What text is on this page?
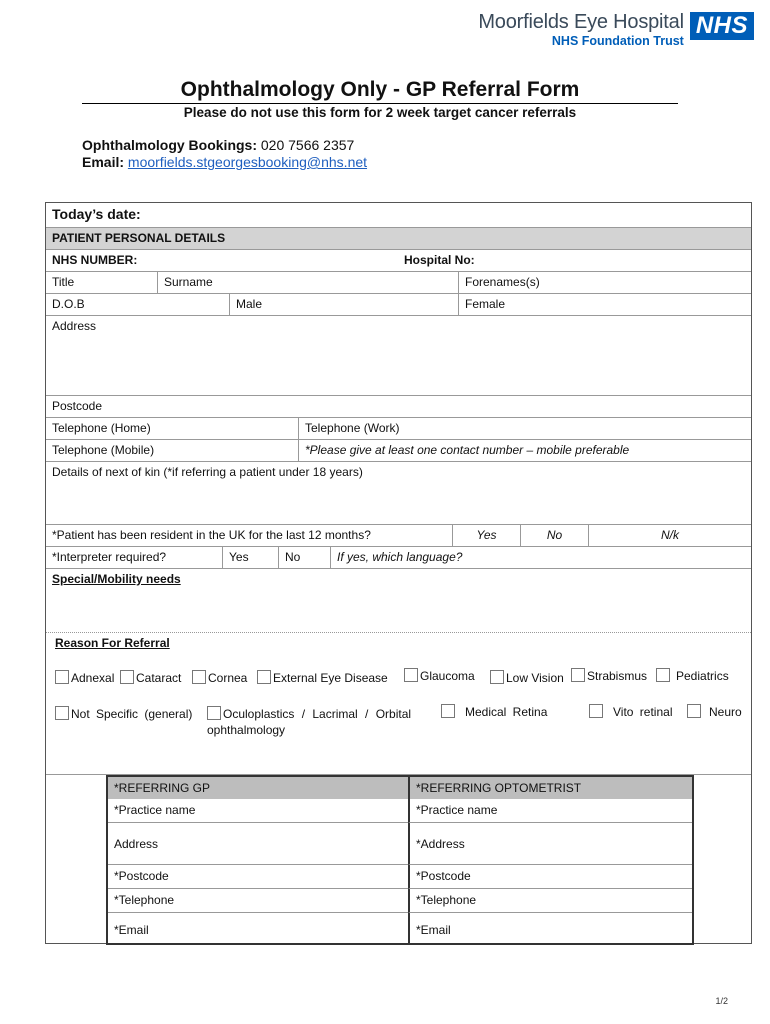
Moorfields Eye Hospital
NHS Foundation Trust
NHS
Ophthalmology Only - GP Referral Form
Please do not use this form for 2 week target cancer referrals
Ophthalmology Bookings: 020 7566 2357
Email: moorfields.stgeorgesbooking@nhs.net
Today’s date:
PATIENT PERSONAL DETAILS
NHS NUMBER:	Hospital No:
Title	Surname	Forenames(s)
D.O.B	Male	Female
Address
Postcode
Telephone (Home)	Telephone (Work)
Telephone (Mobile)	*Please give at least one contact number – mobile preferable
Details of next of kin (*if referring a patient under 18 years)
*Patient has been resident in the UK for the last 12 months?	Yes	No	N/k
*Interpreter required?	Yes	No	If yes, which language?
Special/Mobility needs
Reason For Referral
Adnexal	Cataract	Cornea	External Eye Disease	Glaucoma	Low Vision	Strabismus	Pediatrics
Not Specific (general)	Oculoplastics / Lacrimal / Orbital ophthalmology
Medical Retina	Vito retinal	Neuro
*REFERRING GP	*REFERRING OPTOMETRIST
*Practice name	*Practice name
Address	*Address
*Postcode	*Postcode
*Telephone	*Telephone
*Email	*Email
1/2
